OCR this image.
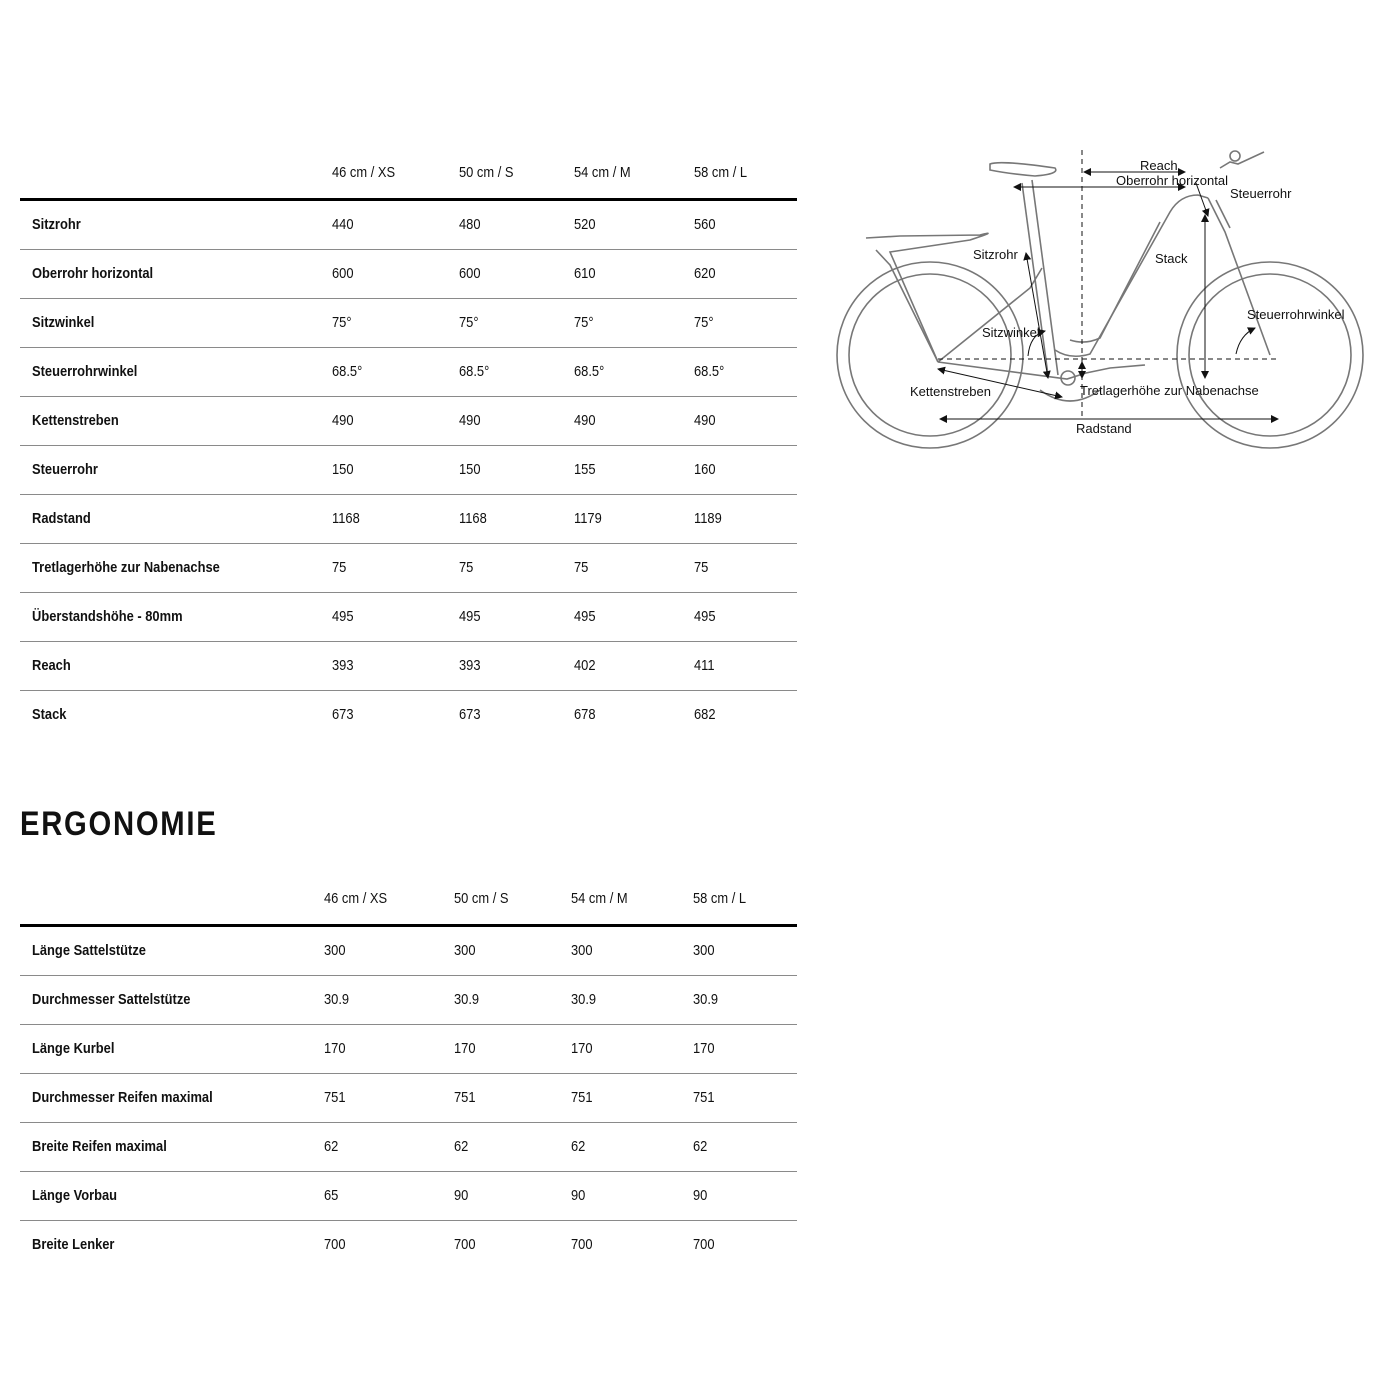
46 cm / XS	50 cm / S	54 cm / M	58 cm / L
Sitzrohr	440	480	520	560
Oberrohr horizontal	600	600	610	620
Sitzwinkel	75°	75°	75°	75°
Steuerrohrwinkel	68.5°	68.5°	68.5°	68.5°
Kettenstreben	490	490	490	490
Steuerrohr	150	150	155	160
Radstand	1168	1168	1179	1189
Tretlagerhöhe zur Nabenachse	75	75	75	75
Überstandshöhe - 80mm	495	495	495	495
Reach	393	393	402	411
Stack	673	673	678	682
ERGONOMIE
46 cm / XS	50 cm / S	54 cm / M	58 cm / L
Länge Sattelstütze	300	300	300	300
Durchmesser Sattelstütze	30.9	30.9	30.9	30.9
Länge Kurbel	170	170	170	170
Durchmesser Reifen maximal	751	751	751	751
Breite Reifen maximal	62	62	62	62
Länge Vorbau	65	90	90	90
Breite Lenker	700	700	700	700
Reach
Oberrohr horizontal
Steuerrohr
Sitzrohr	Stack
Sitzwinkel
Steuerrohrwinkel
Kettenstreben	Tretlagerhöhe zur Nabenachse
Radstand
